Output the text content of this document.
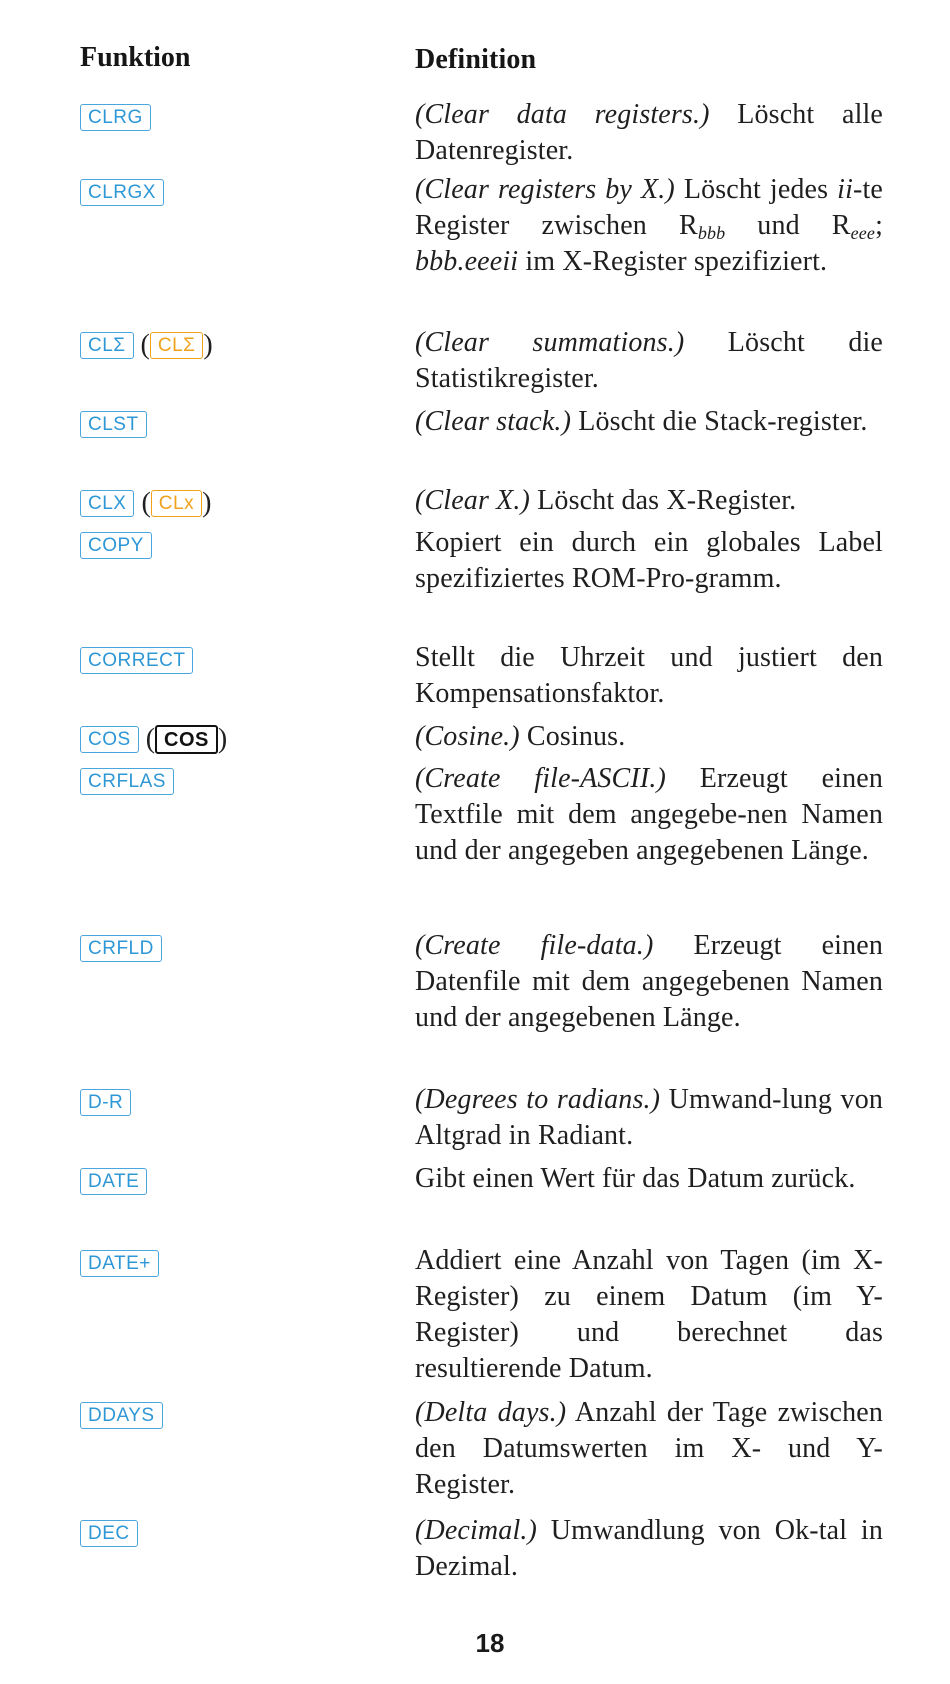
Funktion	Definition
CLRG	(Clear data registers.) Löscht alle Datenregister.
CLRGX	(Clear registers by X.) Löscht jedes ii-te Register zwischen $R_{bbb}$ und $R_{eee}$; bbb.eeeii im X-Register spezifiziert.
CLΣ ( CLΣ )	(Clear summations.) Löscht die Statistikregister.
CLST	(Clear stack.) Löscht die Stack-register.
CLX ( CLx )	(Clear X.) Löscht das X-Register.
COPY	Kopiert ein durch ein globales Label spezifiziertes ROM-Pro-gramm.
CORRECT	Stellt die Uhrzeit und justiert den Kompensationsfaktor.
COS ( COS )	(Cosine.) Cosinus.
CRFLAS	(Create file-ASCII.) Erzeugt einen Textfile mit dem angegebe-nen Namen und der angegeben angegebenen Länge.
CRFLD	(Create file-data.) Erzeugt einen Datenfile mit dem angegebenen Namen und der angegebenen Länge.
D-R	(Degrees to radians.) Umwand-lung von Altgrad in Radiant.
DATE	Gibt einen Wert für das Datum zurück.
DATE+	Addiert eine Anzahl von Tagen (im X-Register) zu einem Datum (im Y-Register) und berechnet das resultierende Datum.
DDAYS	(Delta days.) Anzahl der Tage zwischen den Datumswerten im X- und Y-Register.
DEC	(Decimal.) Umwandlung von Ok-tal in Dezimal.
18
